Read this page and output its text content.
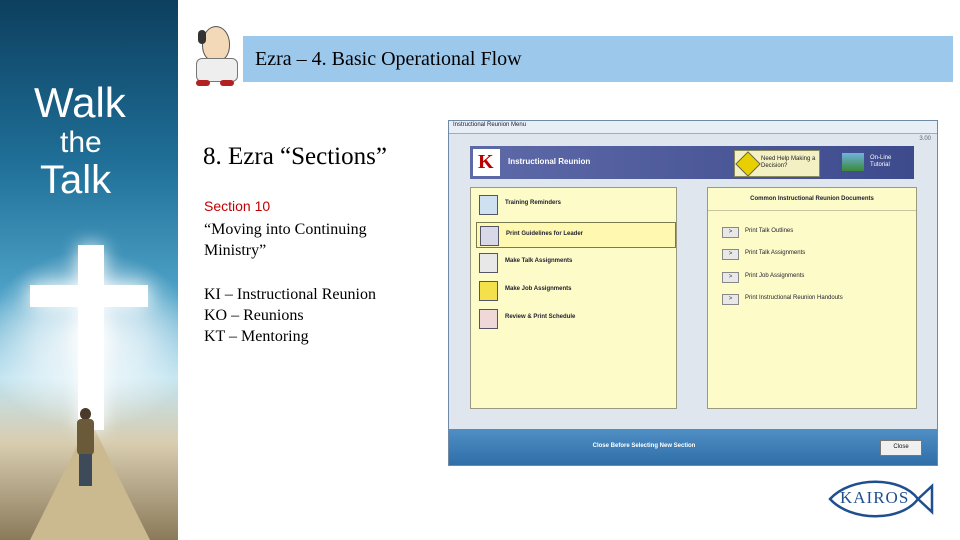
Walk
the
Talk
Ezra – 4. Basic Operational Flow
8. Ezra “Sections”
Section 10
“Moving into Continuing Ministry”
KI – Instructional Reunion
KO – Reunions
KT – Mentoring
Instructional Reunion Menu
3.00
K Instructional Reunion	Need Help Making a Decision?
On-Line Tutorial
Training Reminders
Print Guidelines for Leader
Make Talk Assignments
Make Job Assignments
Review & Print Schedule
Common Instructional Reunion Documents
>	Print Talk Outlines
>	Print Talk Assignments
>	Print Job Assignments
>	Print Instructional Reunion Handouts
Close Before Selecting New Section	Close
KAIROS
